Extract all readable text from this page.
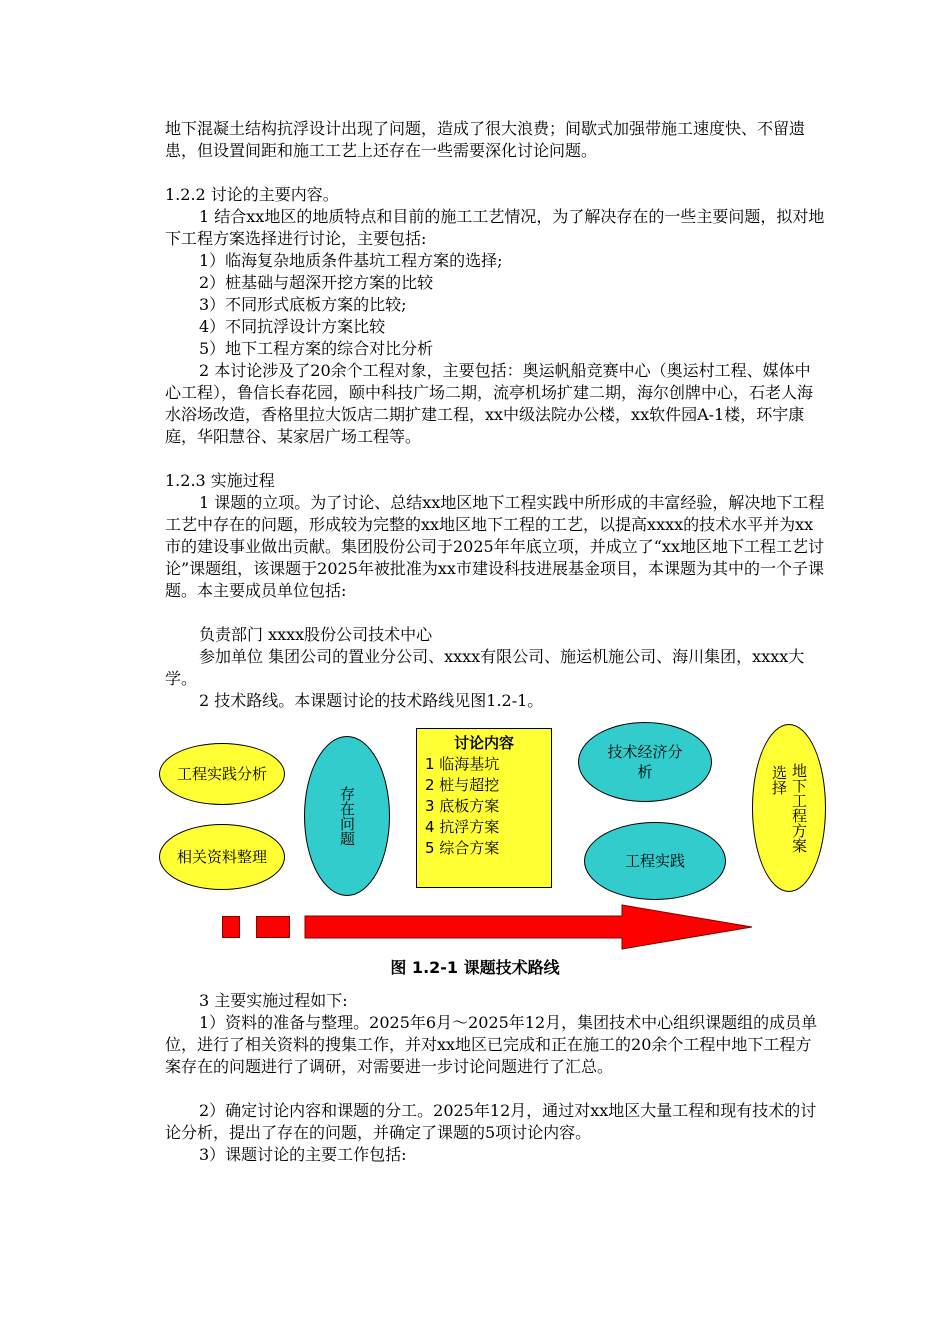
地下混凝土结构抗浮设计出现了问题，造成了很大浪费；间歇式加强带施工速度快、不留遗患，但设置间距和施工工艺上还存在一些需要深化讨论问题。

1.2.2 讨论的主要内容。

1 结合xx地区的地质特点和目前的施工工艺情况，为了解决存在的一些主要问题，拟对地下工程方案选择进行讨论，主要包括:

1）临海复杂地质条件基坑工程方案的选择;
2）桩基础与超深开挖方案的比较
3）不同形式底板方案的比较;
4）不同抗浮设计方案比较
5）地下工程方案的综合对比分析

2 本讨论涉及了20余个工程对象，主要包括：奥运帆船竞赛中心（奥运村工程、媒体中心工程），鲁信长春花园，颐中科技广场二期，流亭机场扩建二期，海尔创牌中心，石老人海水浴场改造，香格里拉大饭店二期扩建工程，xx中级法院办公楼，xx软件园A-1楼，环宇康庭，华阳慧谷、某家居广场工程等。

1.2.3 实施过程

1 课题的立项。为了讨论、总结xx地区地下工程实践中所形成的丰富经验，解决地下工程工艺中存在的问题，形成较为完整的xx地区地下工程的工艺，以提高xxxx的技术水平并为xx市的建设事业做出贡献。集团股份公司于2025年年底立项，并成立了“xx地区地下工程工艺讨论”课题组，该课题于2025年被批准为xx市建设科技进展基金项目，本课题为其中的一个子课题。本主要成员单位包括:

负责部门 xxxx股份公司技术中心

参加单位 集团公司的置业分公司、xxxx有限公司、施运机施公司、海川集团，xxxx大学。

2 技术路线。本课题讨论的技术路线见图1.2-1。

工程实践分析
相关资料整理
存在问题
讨论内容
1 临海基坑
2 桩与超挖
3 底板方案
4 抗浮方案
5 综合方案
技术经济分析
工程实践
选择 地下工程方案
图 1.2-1 课题技术路线

3 主要实施过程如下:

1）资料的准备与整理。2025年6月～2025年12月，集团技术中心组织课题组的成员单位，进行了相关资料的搜集工作，并对xx地区已完成和正在施工的20余个工程中地下工程方案存在的问题进行了调研，对需要进一步讨论问题进行了汇总。

2）确定讨论内容和课题的分工。2025年12月，通过对xx地区大量工程和现有技术的讨论分析，提出了存在的问题，并确定了课题的5项讨论内容。

3）课题讨论的主要工作包括:
